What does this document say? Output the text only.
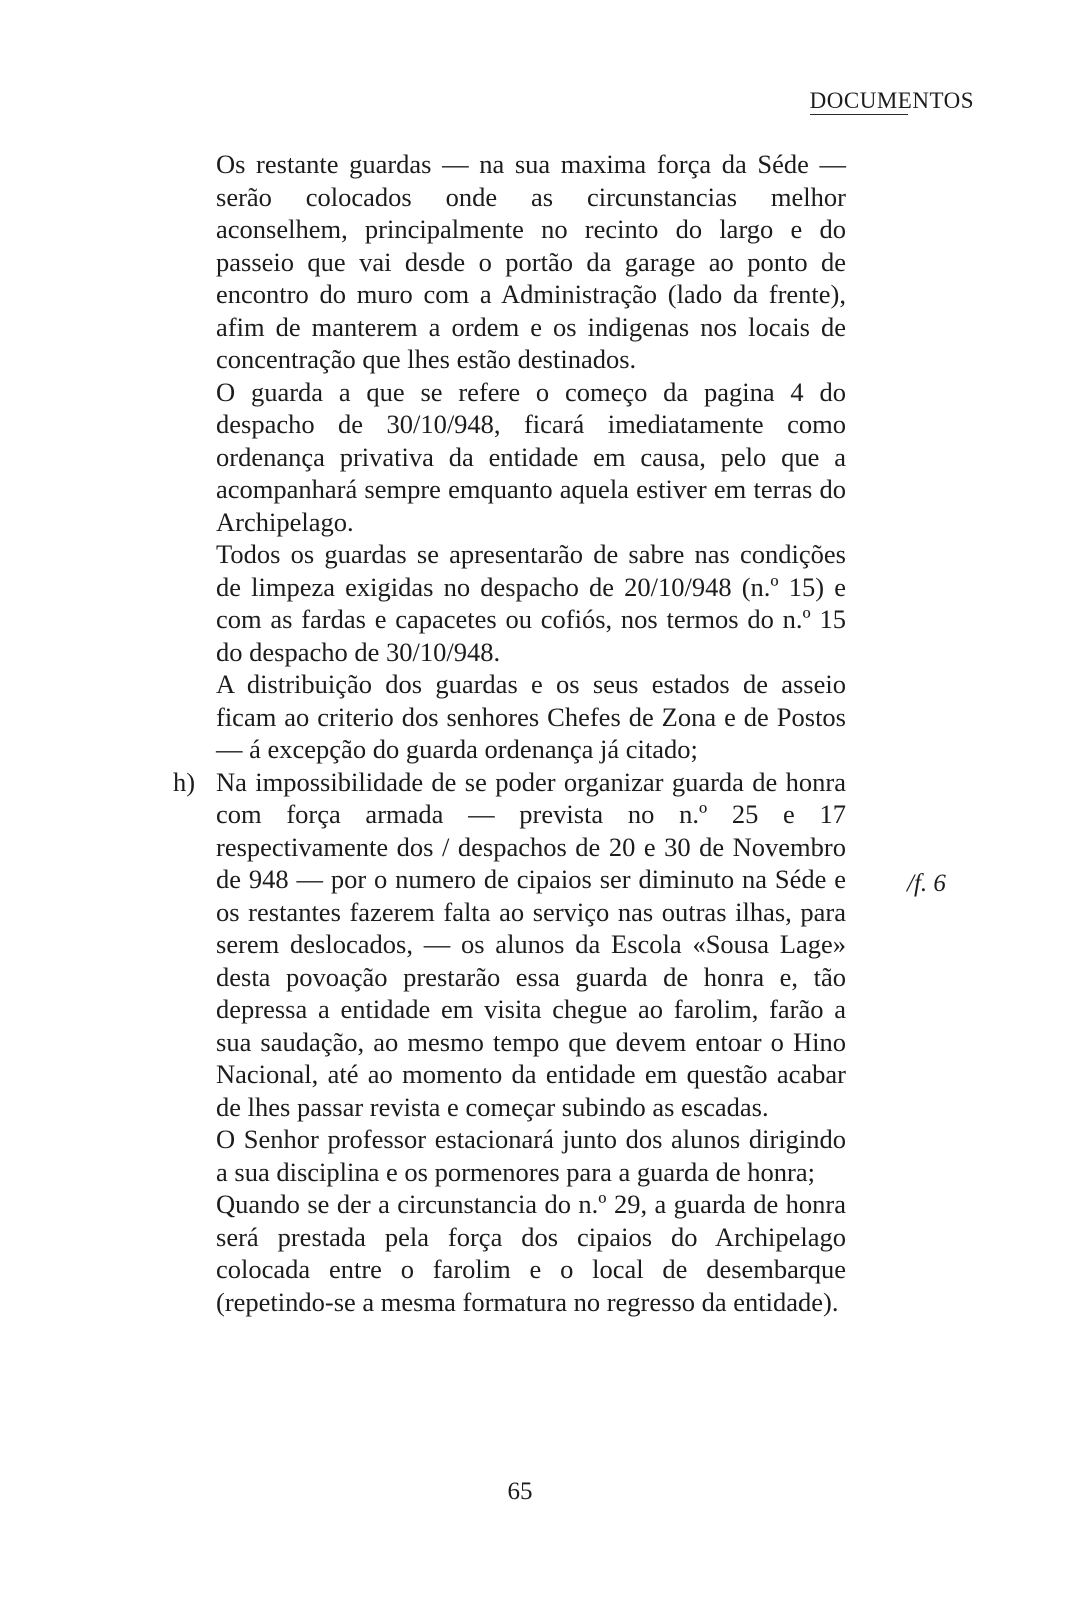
DOCUMENTOS

Os restante guardas — na sua maxima força da Séde — serão colocados onde as circunstancias melhor aconselhem, principalmente no recinto do largo e do passeio que vai desde o portão da garage ao ponto de encontro do muro com a Administração (lado da frente), afim de manterem a ordem e os indigenas nos locais de concentração que lhes estão destinados.

O guarda a que se refere o começo da pagina 4 do despacho de 30/10/948, ficará imediatamente como ordenança privativa da entidade em causa, pelo que a acompanhará sempre emquanto aquela estiver em terras do Archipelago.

Todos os guardas se apresentarão de sabre nas condições de limpeza exigidas no despacho de 20/10/948 (n.º 15) e com as fardas e capacetes ou cofiós, nos termos do n.º 15 do despacho de 30/10/948.

A distribuição dos guardas e os seus estados de asseio ficam ao criterio dos senhores Chefes de Zona e de Postos — á excepção do guarda ordenança já citado;

h) Na impossibilidade de se poder organizar guarda de honra com força armada — prevista no n.º 25 e 17 respectivamente dos / despachos de 20 e 30 de Novembro de 948 — por o numero de cipaios ser diminuto na Séde e os restantes fazerem falta ao serviço nas outras ilhas, para serem deslocados, — os alunos da Escola «Sousa Lage» desta povoação prestarão essa guarda de honra e, tão depressa a entidade em visita chegue ao farolim, farão a sua saudação, ao mesmo tempo que devem entoar o Hino Nacional, até ao momento da entidade em questão acabar de lhes passar revista e começar subindo as escadas.

O Senhor professor estacionará junto dos alunos dirigindo a sua disciplina e os pormenores para a guarda de honra;

Quando se der a circunstancia do n.º 29, a guarda de honra será prestada pela força dos cipaios do Archipelago colocada entre o farolim e o local de desembarque (repetindo-se a mesma formatura no regresso da entidade).

/f. 6
65
